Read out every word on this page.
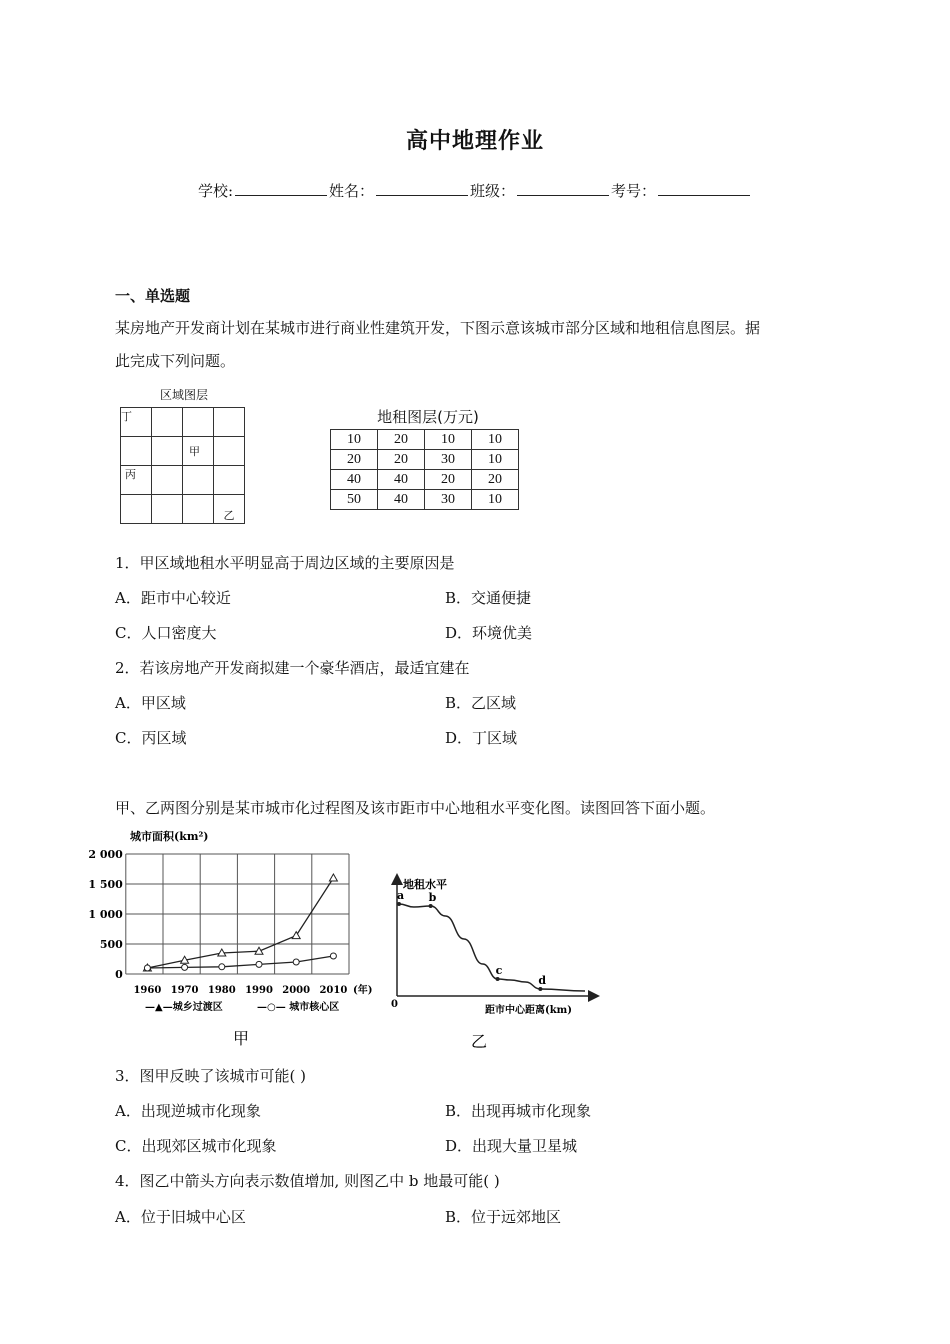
高中地理作业
学校:	姓名：	班级：	考号：
一、单选题
某房地产开发商计划在某城市进行商业性建筑开发，下图示意该城市部分区域和地租信息图层。据
此完成下列问题。
区域图层
丁			
		甲	
丙			
			乙
地租图层(万元)
10	20	10	10
20	20	30	10
40	40	20	20
50	40	30	10
1．甲区域地租水平明显高于周边区域的主要原因是
A．距市中心较近	B．交通便捷
C．人口密度大	D．环境优美
2．若该房地产开发商拟建一个豪华酒店，最适宜建在
A．甲区域	B．乙区域
C．丙区域	D．丁区域
甲、乙两图分别是某市城市化过程图及该市距市中心地租水平变化图。读图回答下面小题。
城市面积(km²)
0
500
1 000
1 500
2 000
1960 1970 1980 1990 2000 2010 (年)
—▲—城乡过渡区	—○— 城市核心区
甲
地租水平
距市中心距离(km)
0
a b
c
d
乙
3．图甲反映了该城市可能( )
A．出现逆城市化现象	B．出现再城市化现象
C．出现郊区城市化现象	D．出现大量卫星城
4．图乙中箭头方向表示数值增加, 则图乙中 b 地最可能( )
A．位于旧城中心区	B．位于远郊地区
